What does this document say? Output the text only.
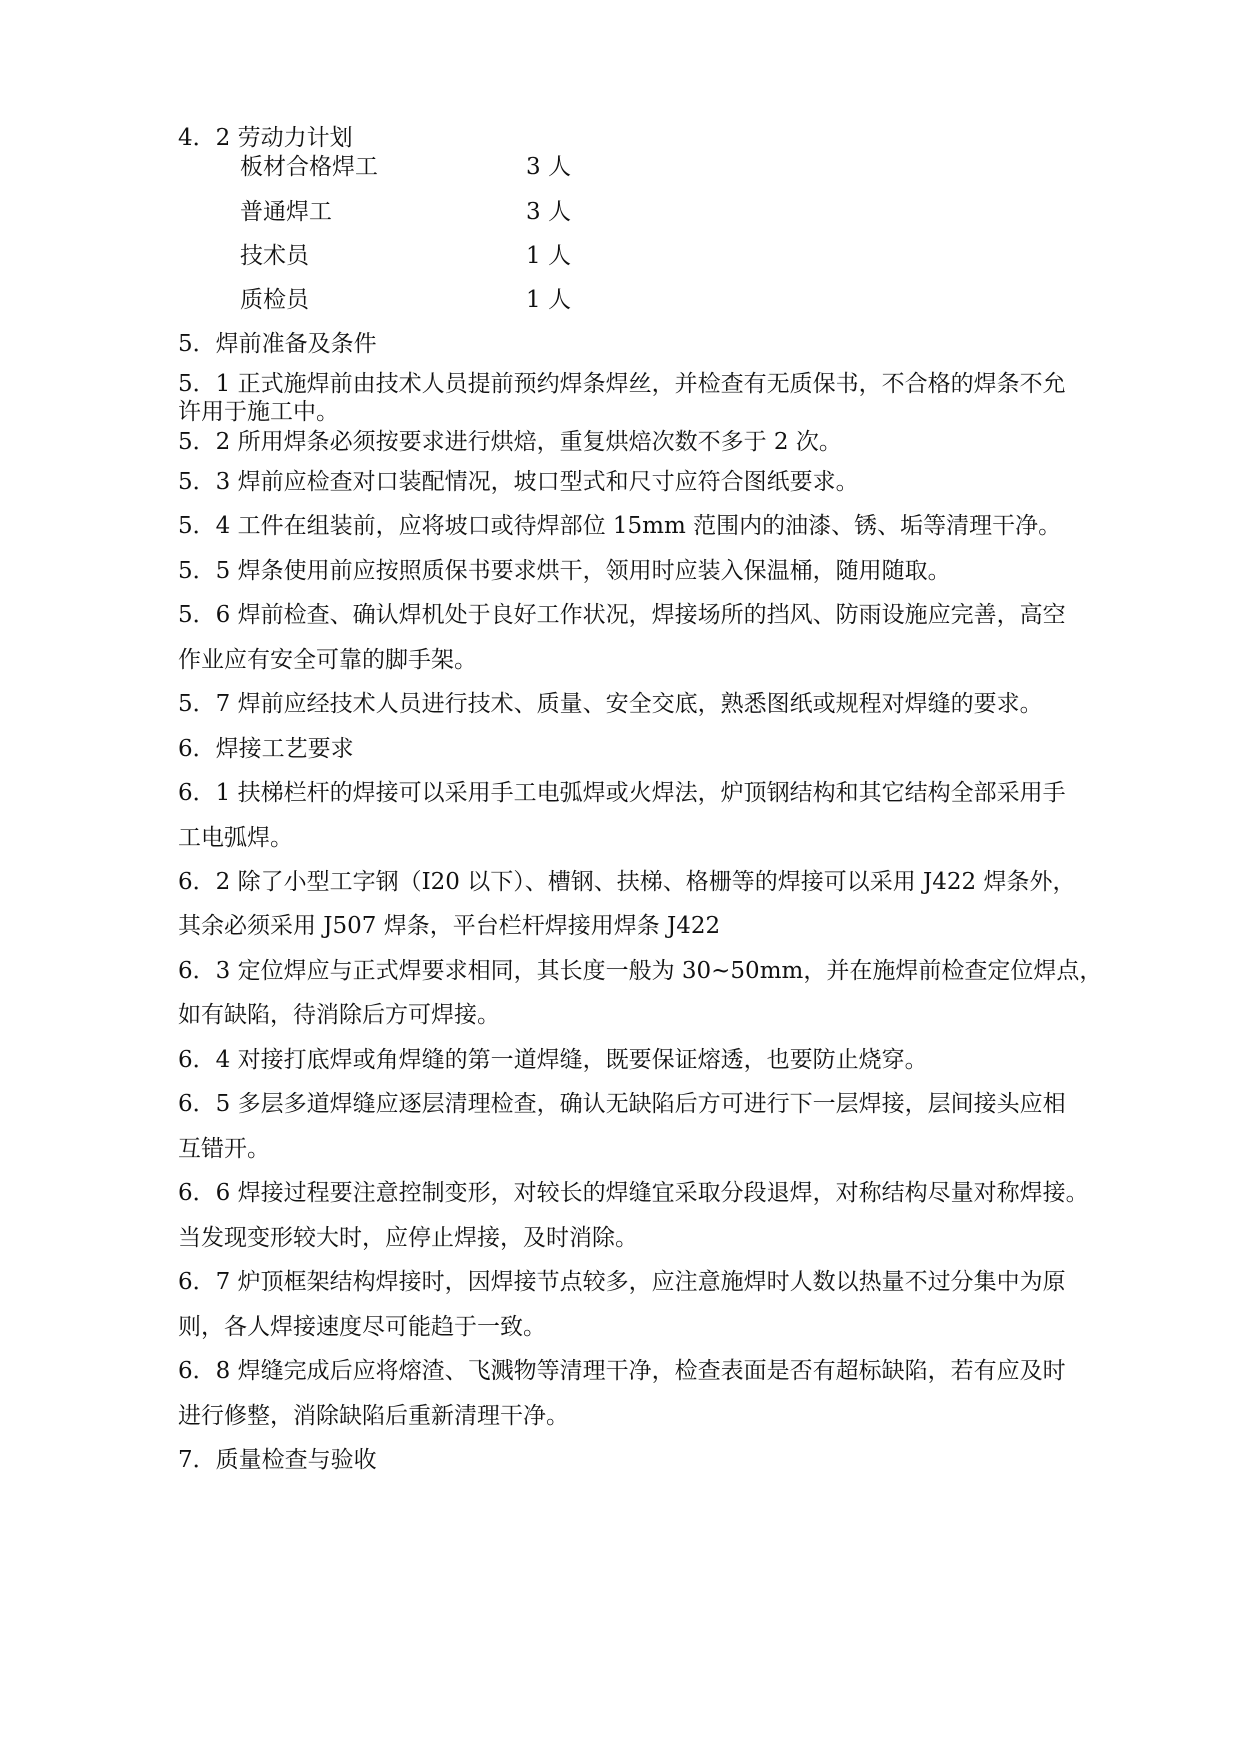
4．2 劳动力计划
板材合格焊工	3 人
普通焊工	3 人
技术员	1 人
质检员	1 人
5．焊前准备及条件
5．1 正式施焊前由技术人员提前预约焊条焊丝，并检查有无质保书，不合格的焊条不允
许用于施工中。
5．2 所用焊条必须按要求进行烘焙，重复烘焙次数不多于 2 次。
5．3 焊前应检查对口装配情况，坡口型式和尺寸应符合图纸要求。
5．4 工件在组装前，应将坡口或待焊部位 15mm 范围内的油漆、锈、垢等清理干净。
5．5 焊条使用前应按照质保书要求烘干，领用时应装入保温桶，随用随取。
5．6 焊前检查、确认焊机处于良好工作状况，焊接场所的挡风、防雨设施应完善，高空
作业应有安全可靠的脚手架。
5．7 焊前应经技术人员进行技术、质量、安全交底，熟悉图纸或规程对焊缝的要求。
6．焊接工艺要求
6．1 扶梯栏杆的焊接可以采用手工电弧焊或火焊法，炉顶钢结构和其它结构全部采用手
工电弧焊。
6．2 除了小型工字钢（I20 以下）、槽钢、扶梯、格栅等的焊接可以采用 J422 焊条外，
其余必须采用 J507 焊条，平台栏杆焊接用焊条 J422
6．3 定位焊应与正式焊要求相同，其长度一般为 30~50mm，并在施焊前检查定位焊点，
如有缺陷，待消除后方可焊接。
6．4 对接打底焊或角焊缝的第一道焊缝，既要保证熔透，也要防止烧穿。
6．5 多层多道焊缝应逐层清理检查，确认无缺陷后方可进行下一层焊接，层间接头应相
互错开。
6．6 焊接过程要注意控制变形，对较长的焊缝宜采取分段退焊，对称结构尽量对称焊接。
当发现变形较大时，应停止焊接，及时消除。
6．7 炉顶框架结构焊接时，因焊接节点较多，应注意施焊时人数以热量不过分集中为原
则，各人焊接速度尽可能趋于一致。
6．8 焊缝完成后应将熔渣、飞溅物等清理干净，检查表面是否有超标缺陷，若有应及时
进行修整，消除缺陷后重新清理干净。
7．质量检查与验收
